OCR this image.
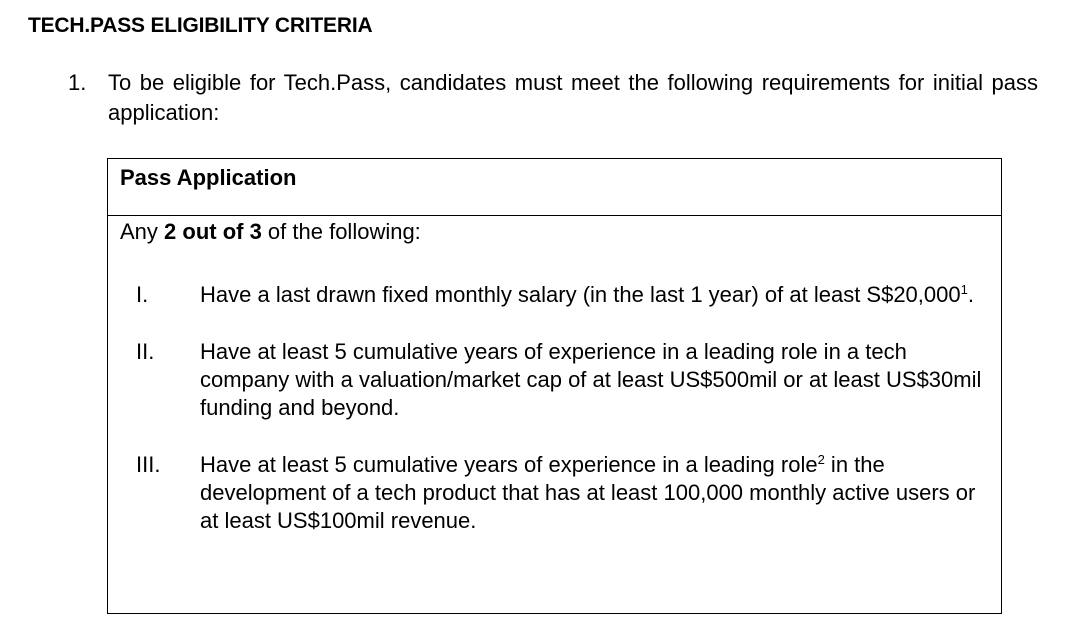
TECH.PASS ELIGIBILITY CRITERIA
1. To be eligible for Tech.Pass, candidates must meet the following requirements for initial pass application:
Pass Application
Any 2 out of 3 of the following:
I. Have a last drawn fixed monthly salary (in the last 1 year) of at least S$20,000$^1$.
II. Have at least 5 cumulative years of experience in a leading role in a tech company with a valuation/market cap of at least US$500mil or at least US$30mil funding and beyond.
III. Have at least 5 cumulative years of experience in a leading role$^2$ in the development of a tech product that has at least 100,000 monthly active users or at least US$100mil revenue.
